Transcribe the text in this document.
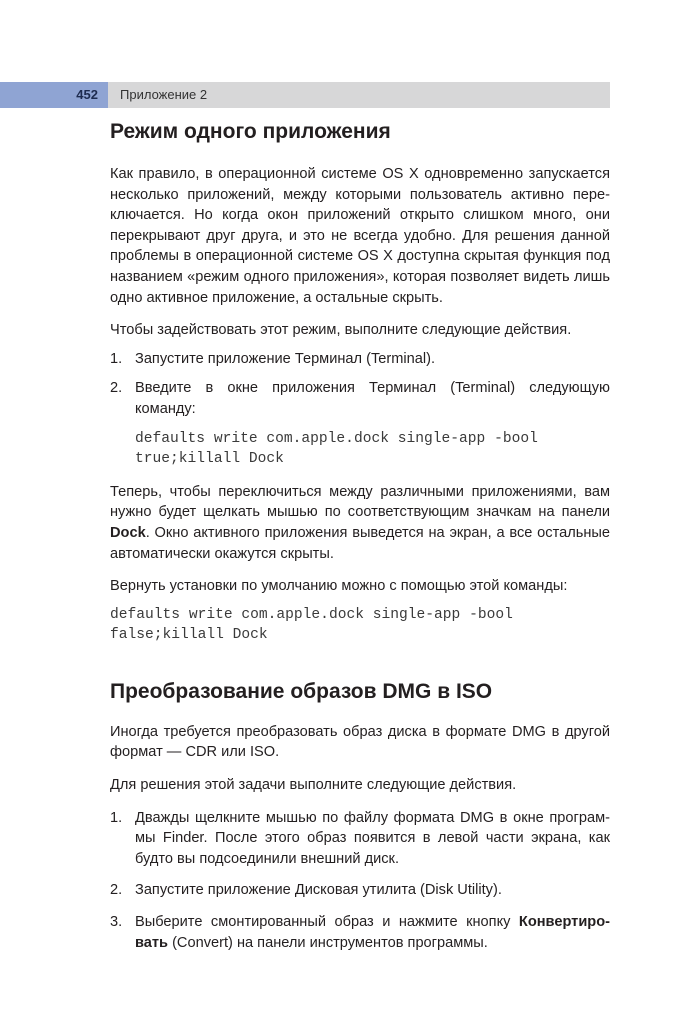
452 Приложение 2
Режим одного приложения

Как правило, в операционной системе OS X одновременно запускается несколько приложений, между которыми пользователь активно переключается. Но когда окон приложений открыто слишком много, они перекрывают друг друга, и это не всегда удобно. Для решения данной проблемы в операционной системе OS X доступна скрытая функция под названием «режим одного приложения», которая позволяет видеть лишь одно активное приложение, а остальные скрыть.

Чтобы задействовать этот режим, выполните следующие действия.

1. Запустите приложение Терминал (Terminal).
2. Введите в окне приложения Терминал (Terminal) следующую команду:
defaults write com.apple.dock single-app -bool true;killall Dock

Теперь, чтобы переключиться между различными приложениями, вам нужно будет щелкать мышью по соответствующим значкам на панели Dock. Окно активного приложения выведется на экран, а все остальные автоматически окажутся скрыты.

Вернуть установки по умолчанию можно с помощью этой команды:

defaults write com.apple.dock single-app -bool false;killall Dock
Преобразование образов DMG в ISO

Иногда требуется преобразовать образ диска в формате DMG в другой формат — CDR или ISO.

Для решения этой задачи выполните следующие действия.

1. Дважды щелкните мышью по файлу формата DMG в окне программы Finder. После этого образ появится в левой части экрана, как будто вы подсоединили внешний диск.
2. Запустите приложение Дисковая утилита (Disk Utility).
3. Выберите смонтированный образ и нажмите кнопку Конвертировать (Convert) на панели инструментов программы.
